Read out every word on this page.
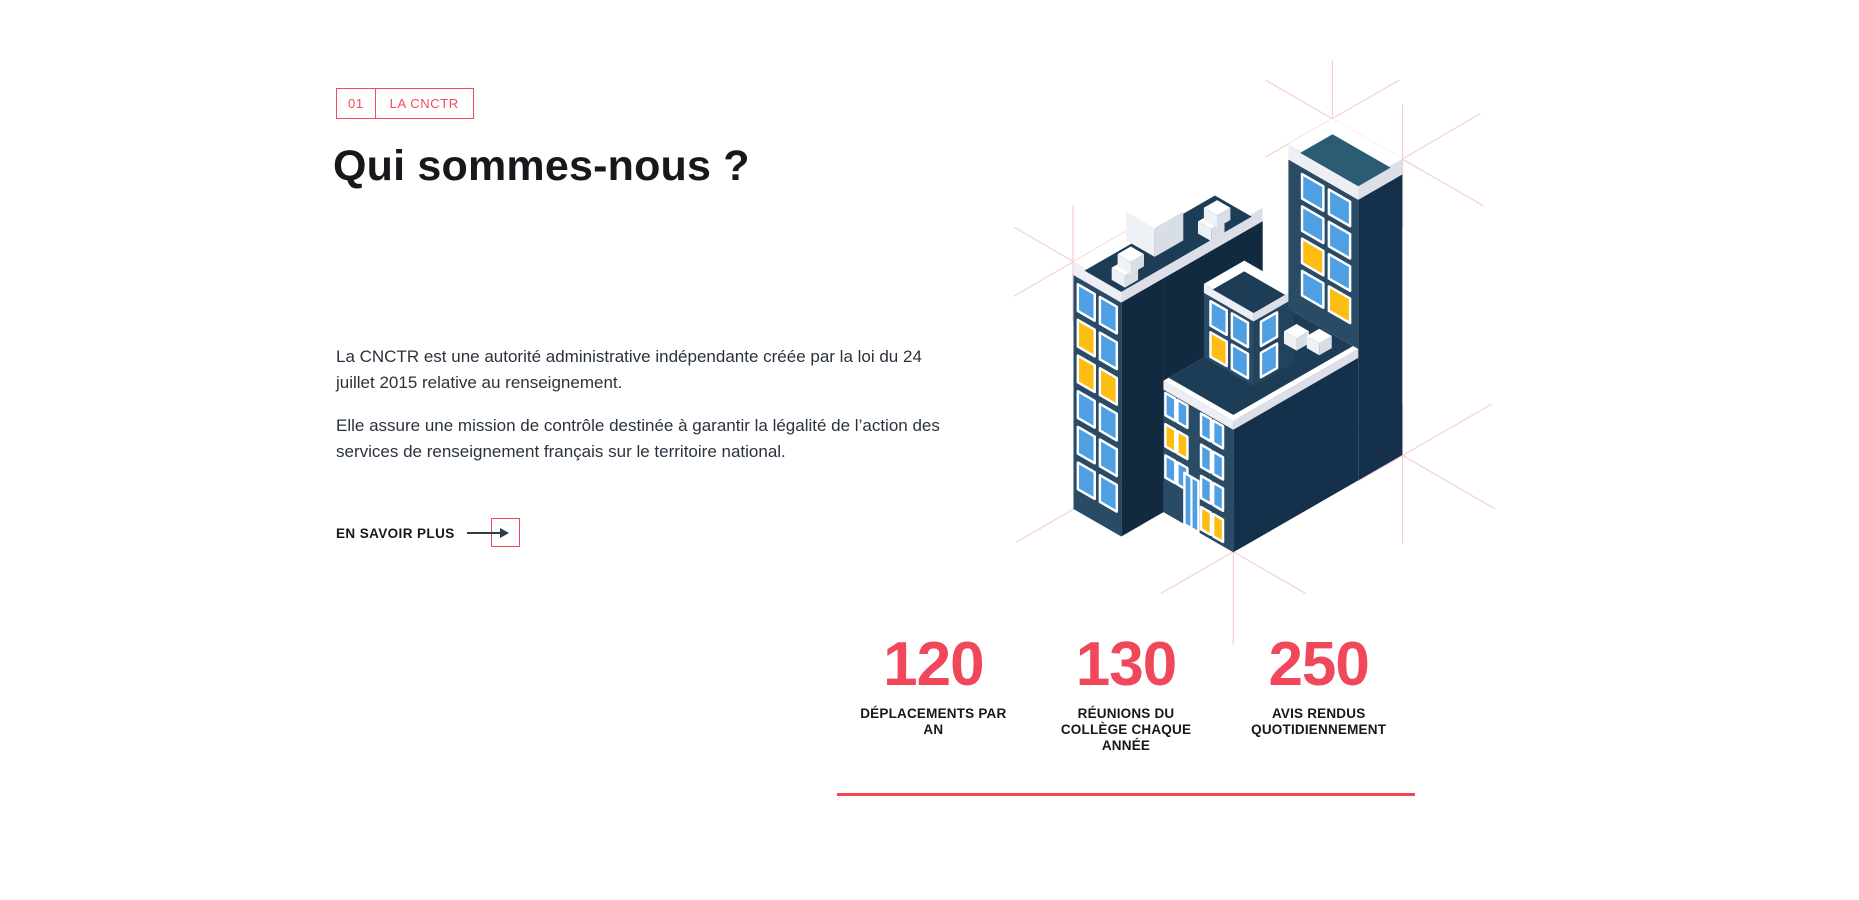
01	LA CNCTR
Qui sommes-nous ?

La CNCTR est une autorité administrative indépendante créée par la loi du 24 juillet 2015 relative au renseignement.

Elle assure une mission de contrôle destinée à garantir la légalité de l’action des services de renseignement français sur le territoire national.

EN SAVOIR PLUS
120
DÉPLACEMENTS PAR AN
130
RÉUNIONS DU COLLÈGE CHAQUE ANNÉE
250
AVIS RENDUS QUOTIDIENNEMENT
